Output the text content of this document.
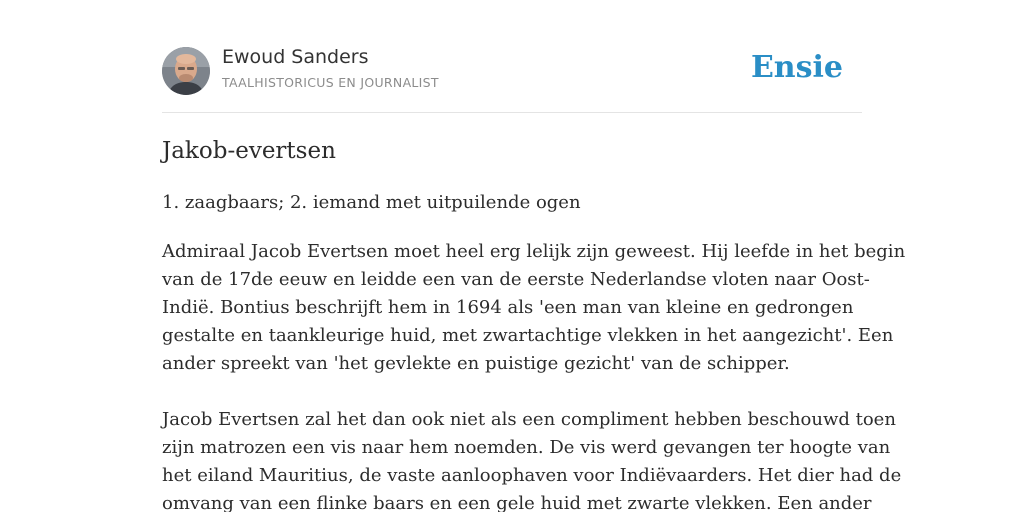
Ewoud Sanders
TAALHISTORICUS EN JOURNALIST	Ensie
Jakob-evertsen

1. zaagbaars; 2. iemand met uitpuilende ogen

Admiraal Jacob Evertsen moet heel erg lelijk zijn geweest. Hij leefde in het begin
van de 17de eeuw en leidde een van de eerste Nederlandse vloten naar Oost-
Indië. Bontius beschrijft hem in 1694 als 'een man van kleine en gedrongen
gestalte en taankleurige huid, met zwartachtige vlekken in het aangezicht'. Een
ander spreekt van 'het gevlekte en puistige gezicht' van de schipper.
Jacob Evertsen zal het dan ook niet als een compliment hebben beschouwd toen
zijn matrozen een vis naar hem noemden. De vis werd gevangen ter hoogte van
het eiland Mauritius, de vaste aanloophaven voor Indiëvaarders. Het dier had de
omvang van een flinke baars en een gele huid met zwarte vlekken. Een ander
